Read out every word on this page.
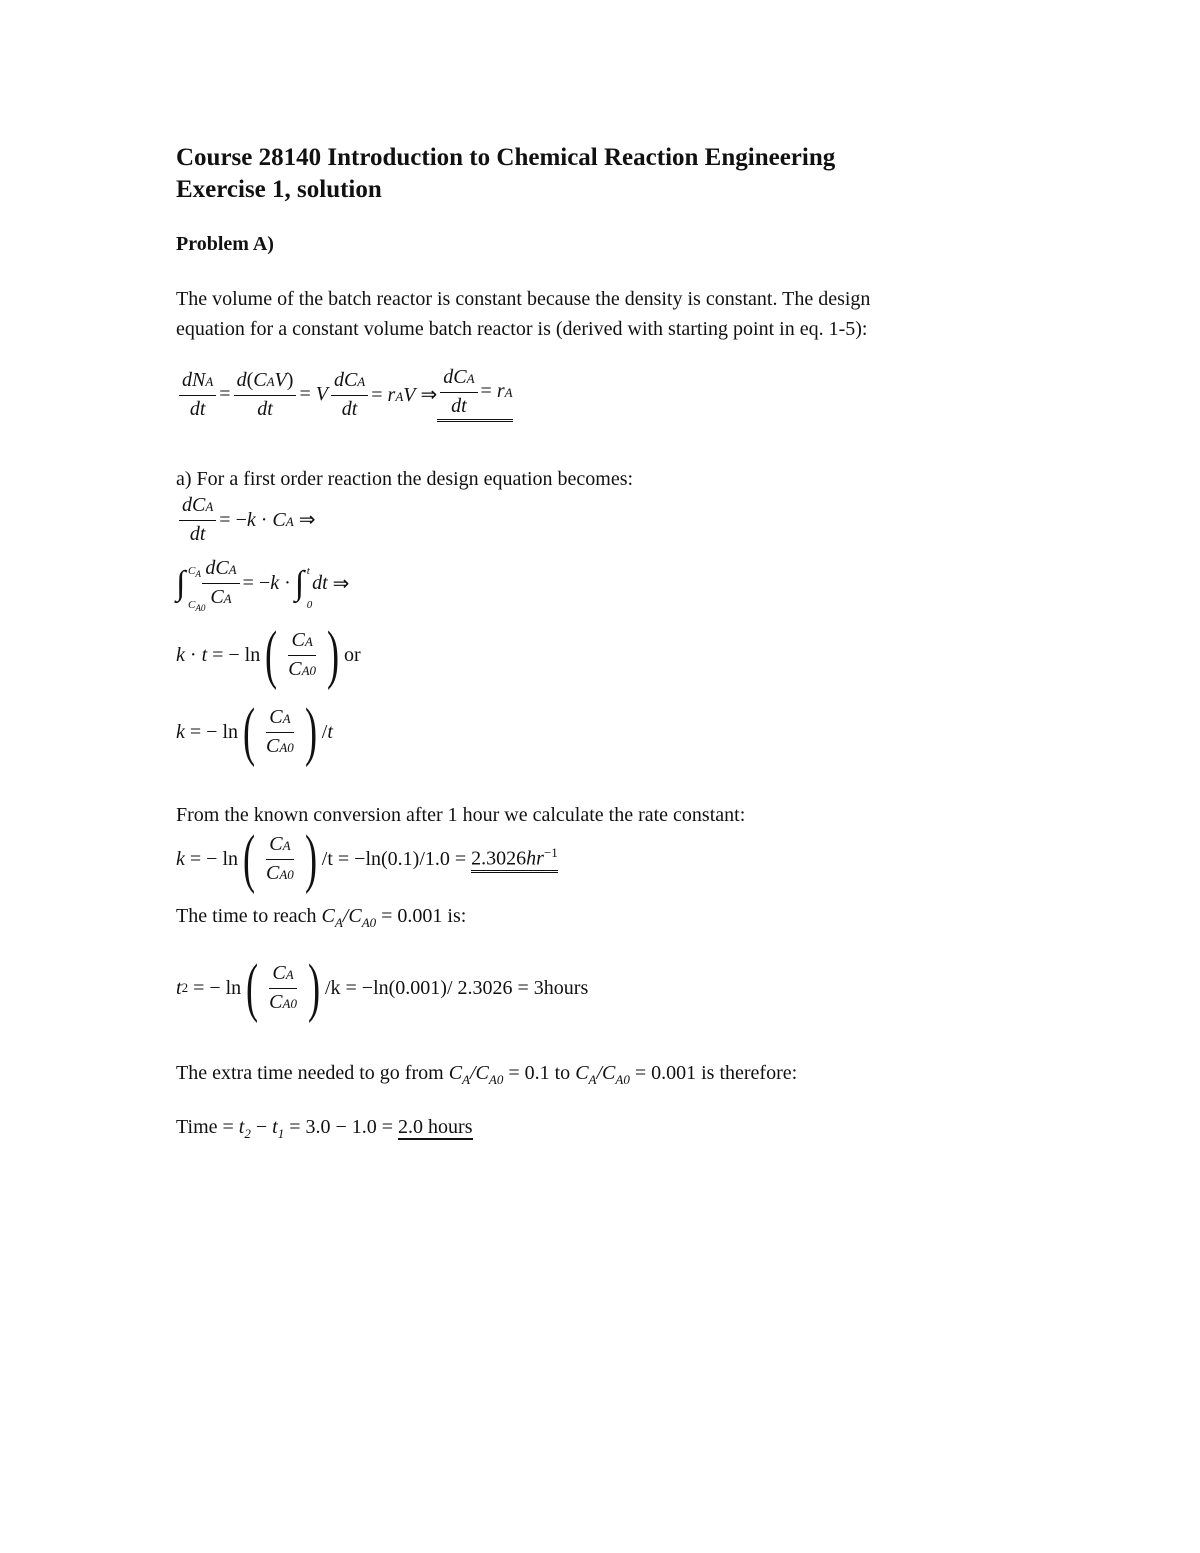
Course 28140 Introduction to Chemical Reaction Engineering
Exercise 1, solution
Problem A)
The volume of the batch reactor is constant because the density is constant. The design
equation for a constant volume batch reactor is (derived with starting point in eq. 1-5):
$\frac{\text{dNA}}{dt} = \frac{\text{d(CAV)}}{dt} = V \frac{\text{dCA}}{dt}$ = rAV ⇒ $\frac{\text{dCA}}{dt}$ = rA
a) For a first order reaction the design equation becomes:
$\frac{\text{dCA}}{dt} = -k$ · CA ⇒
∫ $C_A$
$C_{A0}$
$\frac{\text{dCA}}{CA} = -k$ · ∫ t
0
dt ⇒
k · t = − ln ( $\frac{CA}{CA0}$ ) or
k = − ln ( $\frac{CA}{CA0}$ ) /t
From the known conversion after 1 hour we calculate the rate constant:
k = − ln ( $\frac{CA}{CA0}$ ) /t = −ln(0.1)/1.0 =
$2.3026hr^{-1}$
The time to reach $C_A/C_{A0} = 0.001$ is:
t 2 = − ln ( $\frac{CA}{CA0}$ ) /k = −ln(0.001)/ 2.3026 = 3hours
The extra time needed to go from $C_A/C_{A0} = 0.1$ to $C_A/C_{A0} = 0.001$ is therefore:
Time = $t_2 - t_1 = 3.0 - 1.0 = 2.0$ hours
